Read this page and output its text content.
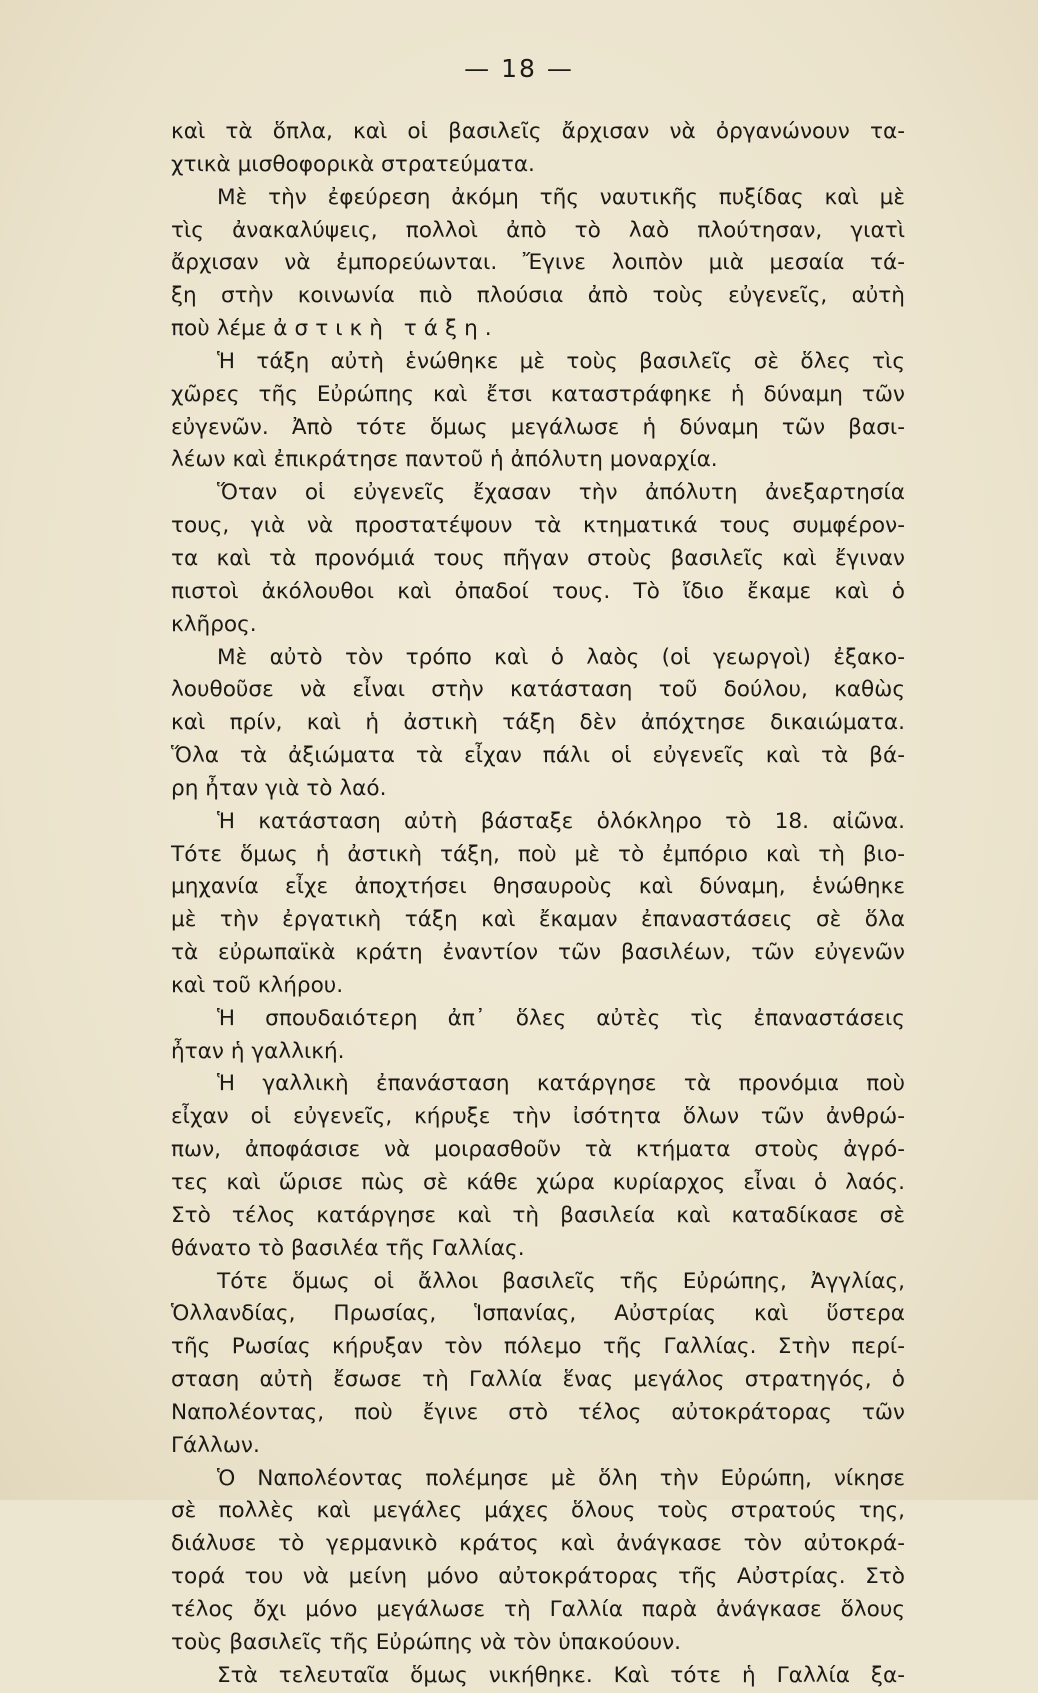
— 18 —
καὶ τὰ ὅπλα, καὶ οἱ βασιλεῖς ἄρχισαν νὰ ὀργανώνουν τα-
χτικὰ μισθοφορικὰ στρατεύματα.
Μὲ τὴν ἐφεύρεση ἀκόμη τῆς ναυτικῆς πυξίδας καὶ μὲ
τὶς ἀνακαλύψεις, πολλοὶ ἀπὸ τὸ λαὸ πλούτησαν, γιατὶ
ἄρχισαν νὰ ἐμπορεύωνται. Ἔγινε λοιπὸν μιὰ μεσαία τά-
ξη στὴν κοινωνία πιὸ πλούσια ἀπὸ τοὺς εὐγενεῖς, αὐτὴ
ποὺ λέμε ἀστικὴ τάξη.
Ἡ τάξη αὐτὴ ἑνώθηκε μὲ τοὺς βασιλεῖς σὲ ὅλες τὶς
χῶρες τῆς Εὐρώπης καὶ ἔτσι καταστράφηκε ἡ δύναμη τῶν
εὐγενῶν. Ἀπὸ τότε ὅμως μεγάλωσε ἡ δύναμη τῶν βασι-
λέων καὶ ἐπικράτησε παντοῦ ἡ ἀπόλυτη μοναρχία.
Ὅταν οἱ εὐγενεῖς ἔχασαν τὴν ἀπόλυτη ἀνεξαρτησία
τους, γιὰ νὰ προστατέψουν τὰ κτηματικά τους συμφέρον-
τα καὶ τὰ προνόμιά τους πῆγαν στοὺς βασιλεῖς καὶ ἔγιναν
πιστοὶ ἀκόλουθοι καὶ ὀπαδοί τους. Τὸ ἴδιο ἔκαμε καὶ ὁ
κλῆρος.
Μὲ αὐτὸ τὸν τρόπο καὶ ὁ λαὸς (οἱ γεωργοὶ) ἐξακο-
λουθοῦσε νὰ εἶναι στὴν κατάσταση τοῦ δούλου, καθὼς
καὶ πρίν, καὶ ἡ ἀστικὴ τάξη δὲν ἀπόχτησε δικαιώματα.
Ὅλα τὰ ἀξιώματα τὰ εἶχαν πάλι οἱ εὐγενεῖς καὶ τὰ βά-
ρη ἦταν γιὰ τὸ λαό.
Ἡ κατάσταση αὐτὴ βάσταξε ὁλόκληρο τὸ 18. αἰῶνα.
Τότε ὅμως ἡ ἀστικὴ τάξη, ποὺ μὲ τὸ ἐμπόριο καὶ τὴ βιο-
μηχανία εἶχε ἀποχτήσει θησαυροὺς καὶ δύναμη, ἑνώθηκε
μὲ τὴν ἐργατικὴ τάξη καὶ ἔκαμαν ἐπαναστάσεις σὲ ὅλα
τὰ εὐρωπαϊκὰ κράτη ἐναντίον τῶν βασιλέων, τῶν εὐγενῶν
καὶ τοῦ κλήρου.
Ἡ σπουδαιότερη ἀπ᾽ ὅλες αὐτὲς τὶς ἐπαναστάσεις
ἦταν ἡ γαλλική.
Ἡ γαλλικὴ ἐπανάσταση κατάργησε τὰ προνόμια ποὺ
εἶχαν οἱ εὐγενεῖς, κήρυξε τὴν ἰσότητα ὅλων τῶν ἀνθρώ-
πων, ἀποφάσισε νὰ μοιρασθοῦν τὰ κτήματα στοὺς ἀγρό-
τες καὶ ὥρισε πὼς σὲ κάθε χώρα κυρίαρχος εἶναι ὁ λαός.
Στὸ τέλος κατάργησε καὶ τὴ βασιλεία καὶ καταδίκασε σὲ
θάνατο τὸ βασιλέα τῆς Γαλλίας.
Τότε ὅμως οἱ ἄλλοι βασιλεῖς τῆς Εὐρώπης, Ἀγγλίας,
Ὁλλανδίας, Πρωσίας, Ἱσπανίας, Αὐστρίας καὶ ὕστερα
τῆς Ρωσίας κήρυξαν τὸν πόλεμο τῆς Γαλλίας. Στὴν περί-
σταση αὐτὴ ἔσωσε τὴ Γαλλία ἕνας μεγάλος στρατηγός, ὁ
Ναπολέοντας, ποὺ ἔγινε στὸ τέλος αὐτοκράτορας τῶν
Γάλλων.
Ὁ Ναπολέοντας πολέμησε μὲ ὅλη τὴν Εὐρώπη, νίκησε
σὲ πολλὲς καὶ μεγάλες μάχες ὅλους τοὺς στρατούς της,
διάλυσε τὸ γερμανικὸ κράτος καὶ ἀνάγκασε τὸν αὐτοκρά-
τορά του νὰ μείνη μόνο αὐτοκράτορας τῆς Αὐστρίας. Στὸ
τέλος ὄχι μόνο μεγάλωσε τὴ Γαλλία παρὰ ἀνάγκασε ὅλους
τοὺς βασιλεῖς τῆς Εὐρώπης νὰ τὸν ὑπακούουν.
Στὰ τελευταῖα ὅμως νικήθηκε. Καὶ τότε ἡ Γαλλία ξα-
